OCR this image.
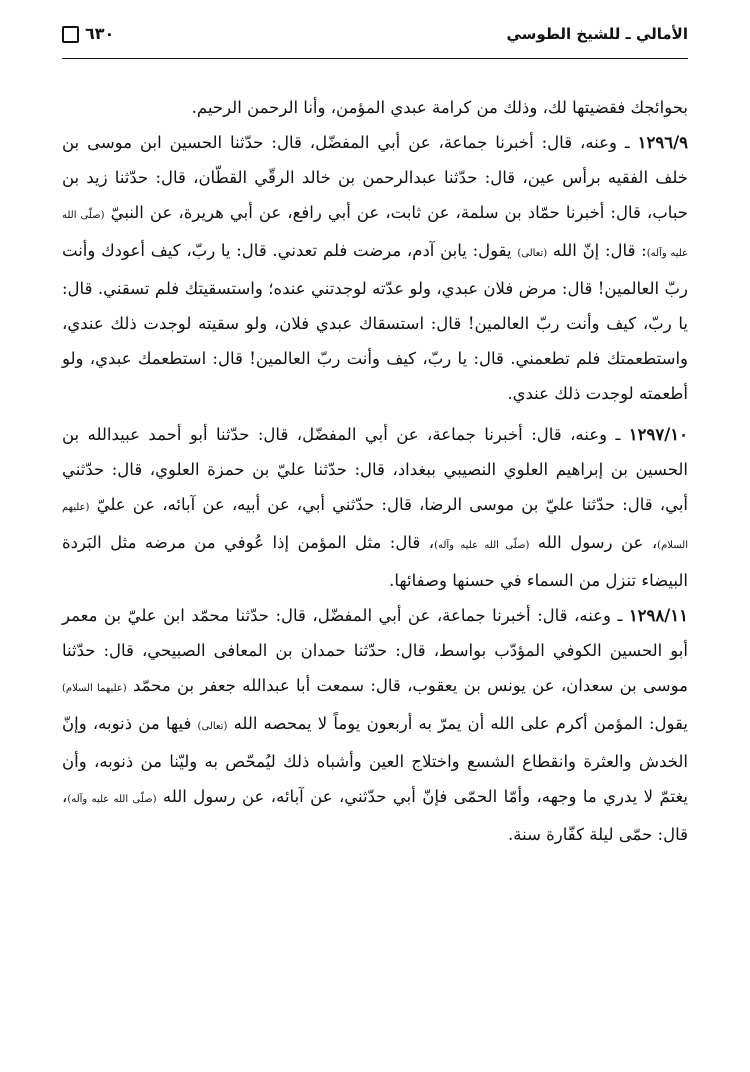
الأمالي ـ للشيخ الطوسي
٦٣٠

بحوائجك فقضيتها لك، وذلك من كرامة عبدي المؤمن، وأنا الرحمن الرحيم.

١٢٩٦/٩ ـ وعنه، قال: أخبرنا جماعة، عن أبي المفضّل، قال: حدّثنا الحسين ابن موسى بن خلف الفقيه برأس عين، قال: حدّثنا عبدالرحمن بن خالد الرقّي القطّان، قال: حدّثنا زيد بن حباب، قال: أخبرنا حمّاد بن سلمة، عن ثابت، عن أبي رافع، عن أبي هريرة، عن النبيّ (صلّى الله عليه وآله): قال: إنّ الله (تعالى) يقول: يابن آدم، مرضت فلم تعدني. قال: يا ربّ، كيف أعودك وأنت ربّ العالمين! قال: مرض فلان عبدي، ولو عدّته لوجدتني عنده؛ واستسقيتك فلم تسقني. قال: يا ربّ، كيف وأنت ربّ العالمين! قال: استسقاك عبدي فلان، ولو سقيته لوجدت ذلك عندي، واستطعمتك فلم تطعمني. قال: يا ربّ، كيف وأنت ربّ العالمين! قال: استطعمك عبدي، ولو أطعمته لوجدت ذلك عندي.

١٢٩٧/١٠ ـ وعنه، قال: أخبرنا جماعة، عن أبي المفضّل، قال: حدّثنا أبو أحمد عبيدالله بن الحسين بن إبراهيم العلوي النصيبي ببغداد، قال: حدّثنا عليّ بن حمزة العلوي، قال: حدّثني أبي، قال: حدّثنا عليّ بن موسى الرضا، قال: حدّثني أبي، عن أبيه، عن آبائه، عن عليّ (عليهم السلام)، عن رسول الله (صلّى الله عليه وآله)، قال: مثل المؤمن إذا عُوفي من مرضه مثل البَردة البيضاء تنزل من السماء في حسنها وصفائها.

١٢٩٨/١١ ـ وعنه، قال: أخبرنا جماعة، عن أبي المفضّل، قال: حدّثنا محمّد ابن عليّ بن معمر أبو الحسين الكوفي المؤدّب بواسط، قال: حدّثنا حمدان بن المعافى الصبيحي، قال: حدّثنا موسى بن سعدان، عن يونس بن يعقوب، قال: سمعت أبا عبدالله جعفر بن محمّد (عليهما السلام) يقول: المؤمن أكرم على الله أن يمرّ به أربعون يوماً لا يمحصه الله (تعالى) فيها من ذنوبه، وإنّ الخدش والعثرة وانقطاع الشسع واختلاج العين وأشباه ذلك ليُمحّص به وليّنا من ذنوبه، وأن يغتمّ لا يدري ما وجهه، وأمّا الحمّى فإنّ أبي حدّثني، عن آبائه، عن رسول الله (صلّى الله عليه وآله)، قال: حمّى ليلة كفّارة سنة.
